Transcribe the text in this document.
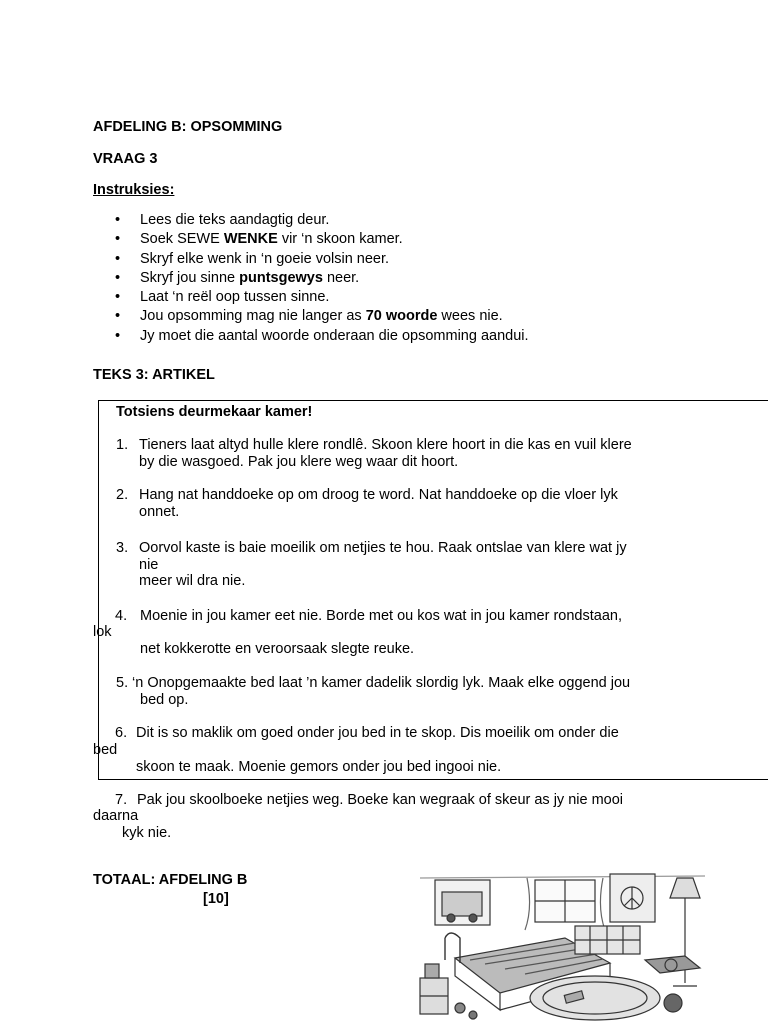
AFDELING B: OPSOMMING
VRAAG 3
Instruksies:
• Lees die teks aandagtig deur.
• Soek SEWE WENKE vir ‘n skoon kamer.
• Skryf elke wenk in ‘n goeie volsin neer.
• Skryf jou sinne puntsgewys neer.
• Laat ‘n reël oop tussen sinne.
• Jou opsomming mag nie langer as 70 woorde wees nie.
• Jy moet die aantal woorde onderaan die opsomming aandui.
TEKS 3: ARTIKEL
Totsiens deurmekaar kamer!
1. Tieners laat altyd hulle klere rondlê. Skoon klere hoort in die kas en vuil klere
by die wasgoed. Pak jou klere weg waar dit hoort.
2. Hang nat handdoeke op om droog te word. Nat handdoeke op die vloer lyk
onnet.
3. Oorvol kaste is baie moeilik om netjies te hou. Raak ontslae van klere wat jy
nie
meer wil dra nie.
4. Moenie in jou kamer eet nie. Borde met ou kos wat in jou kamer rondstaan,
lok
net kokkerotte en veroorsaak slegte reuke.
5. ‘n Onopgemaakte bed laat ’n kamer dadelik slordig lyk. Maak elke oggend jou
bed op.
6. Dit is so maklik om goed onder jou bed in te skop. Dis moeilik om onder die
bed
skoon te maak. Moenie gemors onder jou bed ingooi nie.
7. Pak jou skoolboeke netjies weg. Boeke kan wegraak of skeur as jy nie mooi
daarna
kyk nie.
TOTAAL: AFDELING B
[10]
